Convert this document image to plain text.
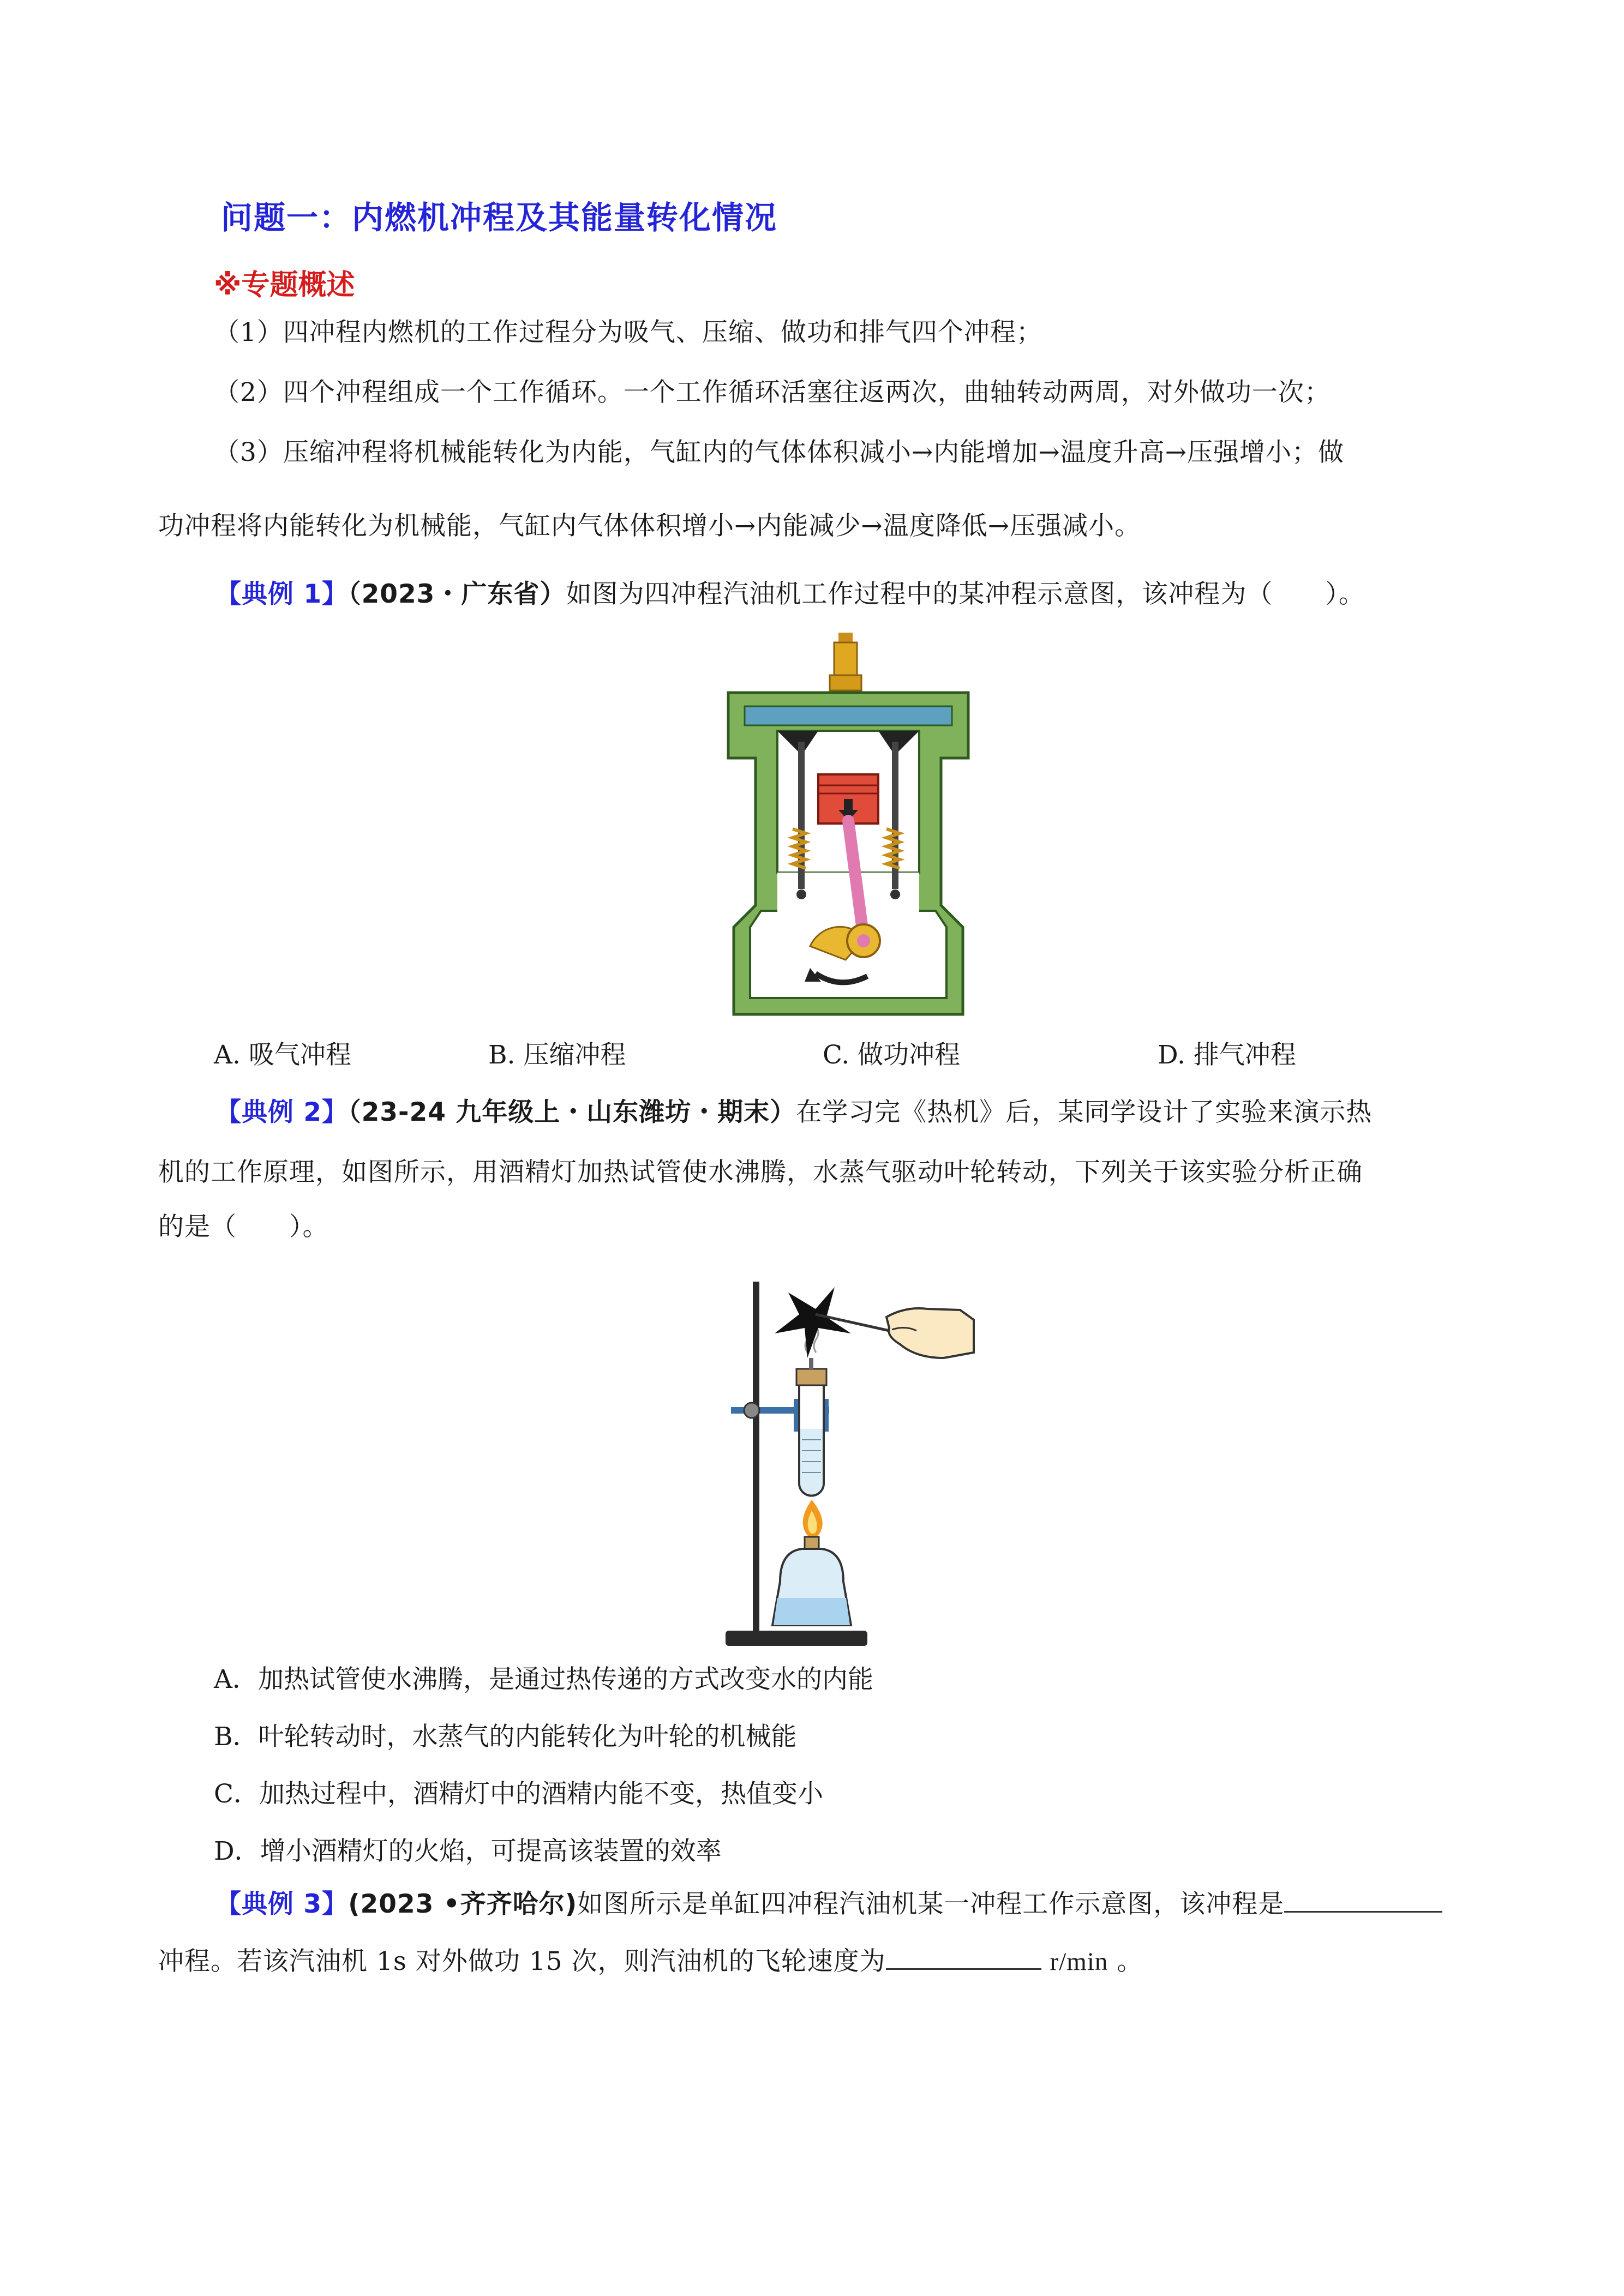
问题一：内燃机冲程及其能量转化情况
※专题概述
（1）四冲程内燃机的工作过程分为吸气、压缩、做功和排气四个冲程；
（2）四个冲程组成一个工作循环。一个工作循环活塞往返两次，曲轴转动两周，对外做功一次；
（3）压缩冲程将机械能转化为内能，气缸内的气体体积减小→内能增加→温度升高→压强增小；做
功冲程将内能转化为机械能，气缸内气体体积增小→内能减少→温度降低→压强减小。
【典例 1】（2023・广东省）如图为四冲程汽油机工作过程中的某冲程示意图，该冲程为（　　）。
A. 吸气冲程	B. 压缩冲程	C. 做功冲程	D. 排气冲程
【典例 2】（23-24 九年级上・山东潍坊・期末）在学习完《热机》后，某同学设计了实验来演示热
机的工作原理，如图所示，用酒精灯加热试管使水沸腾，水蒸气驱动叶轮转动，下列关于该实验分析正确
的是（　　）。
A．加热试管使水沸腾，是通过热传递的方式改变水的内能
B．叶轮转动时，水蒸气的内能转化为叶轮的机械能
C．加热过程中，酒精灯中的酒精内能不变，热值变小
D．增小酒精灯的火焰，可提高该装置的效率
【典例 3】(2023 •齐齐哈尔)如图所示是单缸四冲程汽油机某一冲程工作示意图，该冲程是
冲程。若该汽油机 1s 对外做功 15 次，则汽油机的飞轮速度为	r/min 。
